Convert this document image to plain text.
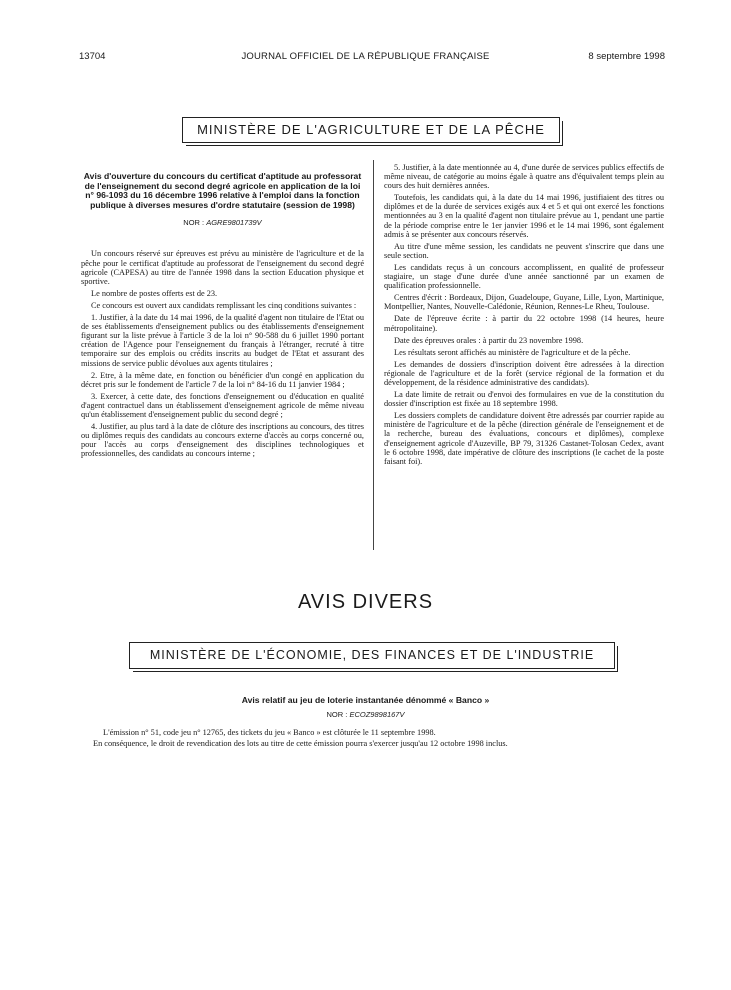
JOURNAL OFFICIEL DE LA RÉPUBLIQUE FRANÇAISE
13704	8 septembre 1998
MINISTÈRE DE L'AGRICULTURE ET DE LA PÊCHE
Avis d'ouverture du concours du certificat d'aptitude au professorat de l'enseignement du second degré agricole en application de la loi n° 96-1093 du 16 décembre 1996 relative à l'emploi dans la fonction publique à diverses mesures d'ordre statutaire (session de 1998)
NOR : AGRE9801739V

Un concours réservé sur épreuves est prévu au ministère de l'agriculture et de la pêche pour le certificat d'aptitude au professorat de l'enseignement du second degré agricole (CAPESA) au titre de l'année 1998 dans la section Education physique et sportive.

Le nombre de postes offerts est de 23.

Ce concours est ouvert aux candidats remplissant les cinq conditions suivantes :

1. Justifier, à la date du 14 mai 1996, de la qualité d'agent non titulaire de l'Etat ou de ses établissements d'enseignement publics ou des établissements d'enseignement figurant sur la liste prévue à l'article 3 de la loi n° 90-588 du 6 juillet 1990 portant création de l'Agence pour l'enseignement du français à l'étranger, recruté à titre temporaire sur des emplois ou crédits inscrits au budget de l'Etat et assurant des missions de service public dévolues aux agents titulaires ;

2. Etre, à la même date, en fonction ou bénéficier d'un congé en application du décret pris sur le fondement de l'article 7 de la loi n° 84-16 du 11 janvier 1984 ;

3. Exercer, à cette date, des fonctions d'enseignement ou d'éducation en qualité d'agent contractuel dans un établissement d'enseignement agricole de même niveau qu'un établissement d'enseignement public du second degré ;

4. Justifier, au plus tard à la date de clôture des inscriptions au concours, des titres ou diplômes requis des candidats au concours externe d'accès au corps concerné ou, pour l'accès au corps d'enseignement des disciplines technologiques et professionnelles, des candidats au concours interne ;

5. Justifier, à la date mentionnée au 4, d'une durée de services publics effectifs de même niveau, de catégorie au moins égale à quatre ans d'équivalent temps plein au cours des huit dernières années.

Toutefois, les candidats qui, à la date du 14 mai 1996, justifiaient des titres ou diplômes et de la durée de services exigés aux 4 et 5 et qui ont exercé les fonctions mentionnées au 3 en la qualité d'agent non titulaire prévue au 1, pendant une partie de la période comprise entre le 1er janvier 1996 et le 14 mai 1996, sont également admis à se présenter aux concours réservés.

Au titre d'une même session, les candidats ne peuvent s'inscrire que dans une seule section.

Les candidats reçus à un concours accomplissent, en qualité de professeur stagiaire, un stage d'une durée d'une année sanctionné par un examen de qualification professionnelle.

Centres d'écrit : Bordeaux, Dijon, Guadeloupe, Guyane, Lille, Lyon, Martinique, Montpellier, Nantes, Nouvelle-Calédonie, Réunion, Rennes-Le Rheu, Toulouse.

Date de l'épreuve écrite : à partir du 22 octobre 1998 (14 heures, heure métropolitaine).

Date des épreuves orales : à partir du 23 novembre 1998.

Les résultats seront affichés au ministère de l'agriculture et de la pêche.

Les demandes de dossiers d'inscription doivent être adressées à la direction régionale de l'agriculture et de la forêt (service régional de la formation et du développement, de la résidence administrative des candidats).

La date limite de retrait ou d'envoi des formulaires en vue de la constitution du dossier d'inscription est fixée au 18 septembre 1998.

Les dossiers complets de candidature doivent être adressés par courrier rapide au ministère de l'agriculture et de la pêche (direction générale de l'enseignement et de la recherche, bureau des évaluations, concours et diplômes), complexe d'enseignement agricole d'Auzeville, BP 79, 31326 Castanet-Tolosan Cedex, avant le 6 octobre 1998, date impérative de clôture des inscriptions (le cachet de la poste faisant foi).

AVIS DIVERS
MINISTÈRE DE L'ÉCONOMIE, DES FINANCES ET DE L'INDUSTRIE
Avis relatif au jeu de loterie instantanée dénommé « Banco »
NOR : ECOZ9898167V

L'émission n° 51, code jeu n° 12765, des tickets du jeu « Banco » est clôturée le 11 septembre 1998.

En conséquence, le droit de revendication des lots au titre de cette émission pourra s'exercer jusqu'au 12 octobre 1998 inclus.
